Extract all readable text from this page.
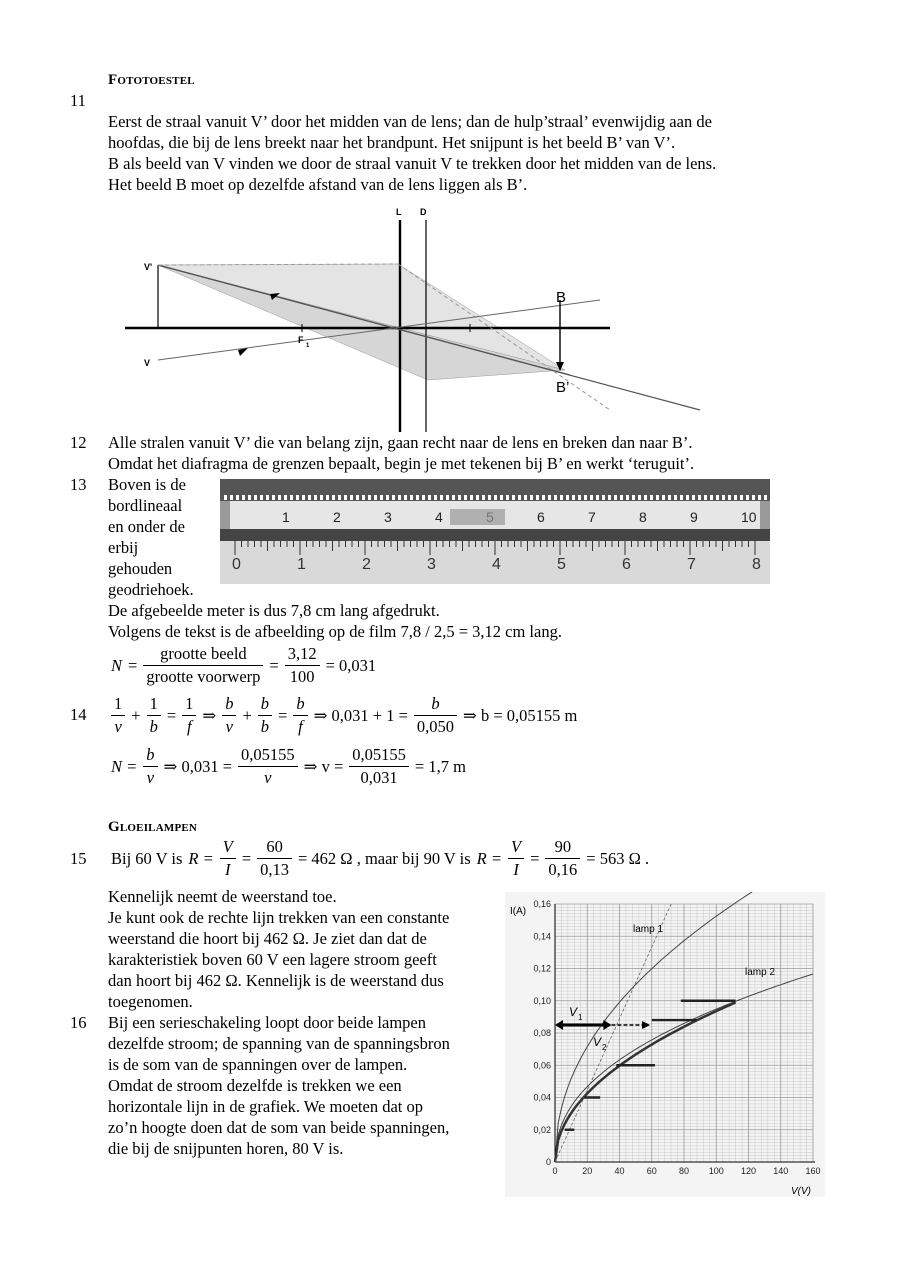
Fototoestel
11
Eerst de straal vanuit V’ door het midden van de lens; dan de hulp’straal’ evenwijdig aan de
hoofdas, die bij de lens breekt naar het brandpunt. Het snijpunt is het beeld B’ van V’.
B als beeld van V vinden we door de straal vanuit V te trekken door het midden van de lens.
Het beeld B moet op dezelfde afstand van de lens liggen als B’.
L D
V'
V
F
1
B
B’
12 Alle stralen vanuit V’ die van belang zijn, gaan recht naar de lens en breken dan naar B’.
Omdat het diafragma de grenzen bepaalt, begin je met tekenen bij B’ en werkt ‘teruguit’.
13 Boven is de
bordlineaal
en onder de
erbij
gehouden
geodriehoek.
1	2	3	4	6	7	8	9	10
0	1	2	3	4	5	6	7	8
De afgebeelde meter is dus 7,8 cm lang afgedrukt.
Volgens de tekst is de afbeelding op de film 7,8 / 2,5 = 3,12 cm lang.
$N = \frac{\text{grootte beeld}}{\text{grootte voorwerp}} = \frac{3,12}{100} = 0,031$
$14 \frac{1}{v} + \frac{1}{b} = \frac{1}{f}$ ⇒ $\frac{b}{v} + \frac{b}{b} = \frac{b}{f}$ ⇒ $0,031 + 1 = \frac{b}{0,050}$ ⇒ b = 0,05155 m
$N = \frac{b}{v}$ ⇒ $0,031 = \frac{0,05155}{v}$ ⇒ $v = \frac{0,05155}{0,031} = 1,7$ m
Gloeilampen
15 Bij 60 V is $R = \frac{V}{I} = \frac{60}{0,13} = 462$ Ω , maar bij 90 V is $R = \frac{V}{I} = \frac{90}{0,16} = 563$ Ω .
Kennelijk neemt de weerstand toe.
Je kunt ook de rechte lijn trekken van een constante
weerstand die hoort bij 462 Ω. Je ziet dan dat de
karakteristiek boven 60 V een lagere stroom geeft
dan hoort bij 462 Ω. Kennelijk is de weerstand dus
toegenomen.
16 Bij een serieschakeling loopt door beide lampen
dezelfde stroom; de spanning van de spanningsbron
is de som van de spanningen over de lampen.
Omdat de stroom dezelfde is trekken we een
horizontale lijn in de grafiek. We moeten dat op
zo’n hoogte doen dat de som van beide spanningen,
die bij de snijpunten horen, 80 V is.
0
0,02
0,04
0,06
0,08
0,10
0,12
0,14
0,16
0	20 40 60 80 100 120 140 160
I(A)
V(V)
lamp 1
lamp 2
V 1
V 2
